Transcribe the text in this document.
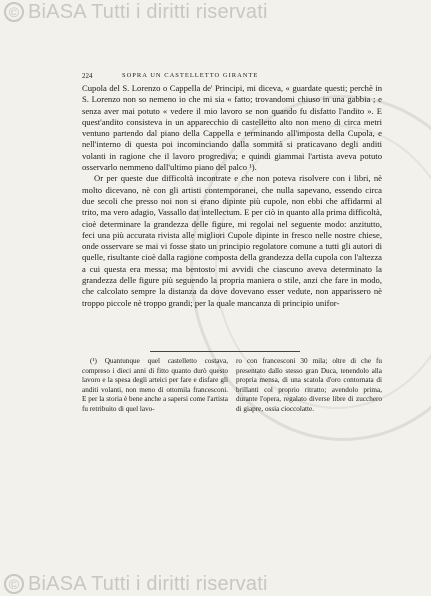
© BiASA Tutti i diritti riservati
224	SOPRA UN CASTELLETTO GIRANTE

Cupola del S. Lorenzo o Cappella de' Principi, mi diceva, « guardate questi; perchè in S. Lorenzo non so nemeno io che mi sia « fatto; trovandomi chiuso in una gabbia ; e senza aver mai potuto « vedere il mio lavoro se non quando fu disfatto l'andito ». E quest'andito consisteva in un apparecchio di castelletto alto non meno di circa metri ventuno partendo dal piano della Cappella e terminando all'imposta della Cupola, e nell'interno di questa poi incominciando dalla sommità si praticavano degli anditi volanti in ragione che il lavoro progrediva; e quindi giammai l'artista aveva potuto osservarlo nemmeno dall'ultimo piano del palco ¹).

Or per queste due difficoltà incontrate e che non poteva risolvere con i libri, nè molto dicevano, nè con gli artisti contemporanei, che nulla sapevano, essendo circa due secoli che presso noi non si erano dipinte più cupole, non ebbi che affidarmi al trito, ma vero adagio, Vassallo dat intellectum. E per ciò in quanto alla prima difficoltà, cioè determinare la grandezza delle figure, mi regolai nel seguente modo: anzitutto, feci una più accurata rivista alle migliori Cupole dipinte in fresco nelle nostre chiese, onde osservare se mai vi fosse stato un principio regolatore comune a tutti gli autori di quelle, risultante cioè dalla ragione composta della grandezza della cupola con l'altezza a cui questa era messa; ma bentosto mi avvidi che ciascuno aveva determinato la grandezza delle figure più seguendo la propria maniera o stile, anzi che fare in modo, che calcolato sempre la distanza da dove dovevano esser vedute, non apparissero nè troppo piccole nè troppo grandi; per la quale mancanza di principio unifor-

(¹) Quantunque quel castelletto costava, compreso i dieci anni di fitto quanto durò questo lavoro e la spesa degli arteici per fare e disfare gli anditi volanti, non meno di ottomila francesconi. E per la storia è bene anche a sapersi come l'artista fu retribuito di quel lavo-

ro con francesconi 30 mila; oltre di che fu presentato dallo stesso gran Duca, tenendolo alla propria mensa, di una scatola d'oro contornata di brillanti col proprio ritratto; avendolo prima, durante l'opera, regalato diverse libre di zucchero di giapre, ossia cioccolatte.

© BiASA Tutti i diritti riservati
